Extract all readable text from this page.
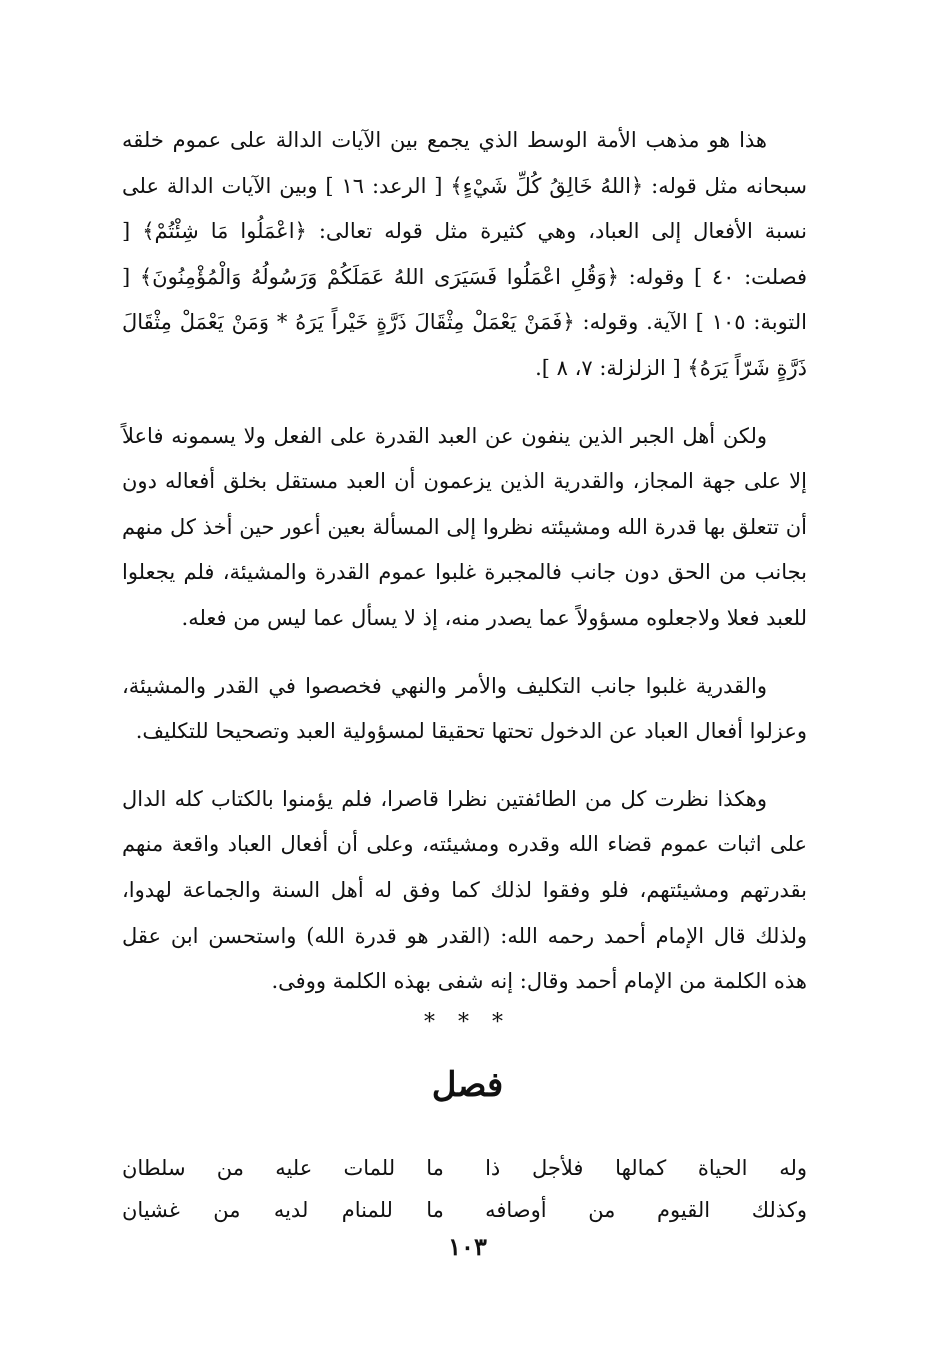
هذا هو مذهب الأمة الوسط الذي يجمع بين الآيات الدالة على عموم خلقه سبحانه مثل قوله: ﴿اللهُ خَالِقُ كُلِّ شَيْءٍ﴾ [ الرعد: ١٦ ] وبين الآيات الدالة على نسبة الأفعال إلى العباد، وهي كثيرة مثل قوله تعالى: ﴿اعْمَلُوا مَا شِئْتُمْ﴾ [ فصلت: ٤٠ ] وقوله: ﴿وَقُلِ اعْمَلُوا فَسَيَرَى اللهُ عَمَلَكُمْ وَرَسُولُهُ وَالْمُؤْمِنُونَ﴾ [ التوبة: ١٠٥ ] الآية. وقوله: ﴿فَمَنْ يَعْمَلْ مِثْقَالَ ذَرَّةٍ خَيْراً يَرَهُ * وَمَنْ يَعْمَلْ مِثْقَالَ ذَرَّةٍ شَرّاً يَرَهُ﴾ [ الزلزلة: ٧، ٨ ].

ولكن أهل الجبر الذين ينفون عن العبد القدرة على الفعل ولا يسمونه فاعلاً إلا على جهة المجاز، والقدرية الذين يزعمون أن العبد مستقل بخلق أفعاله دون أن تتعلق بها قدرة الله ومشيئته نظروا إلى المسألة بعين أعور حين أخذ كل منهم بجانب من الحق دون جانب فالمجبرة غلبوا عموم القدرة والمشيئة، فلم يجعلوا للعبد فعلا ولاجعلوه مسؤولاً عما يصدر منه، إذ لا يسأل عما ليس من فعله.

والقدرية غلبوا جانب التكليف والأمر والنهي فخصصوا في القدر والمشيئة، وعزلوا أفعال العباد عن الدخول تحتها تحقيقا لمسؤولية العبد وتصحيحا للتكليف.

وهكذا نظرت كل من الطائفتين نظرا قاصرا، فلم يؤمنوا بالكتاب كله الدال على اثبات عموم قضاء الله وقدره ومشيئته، وعلى أن أفعال العباد واقعة منهم بقدرتهم ومشيئتهم، فلو وفقوا لذلك كما وفق له أهل السنة والجماعة لهدوا، ولذلك قال الإمام أحمد رحمه الله: (القدر هو قدرة الله) واستحسن ابن عقل هذه الكلمة من الإمام أحمد وقال: إنه شفى بهذه الكلمة ووفى.

* * *
فصل
وله الحياة كمالها فلأجل ذا
ما للمات عليه من سلطان
وكذلك القيوم من أوصافه
ما للمنام لديه من غشيان
١٠٣
